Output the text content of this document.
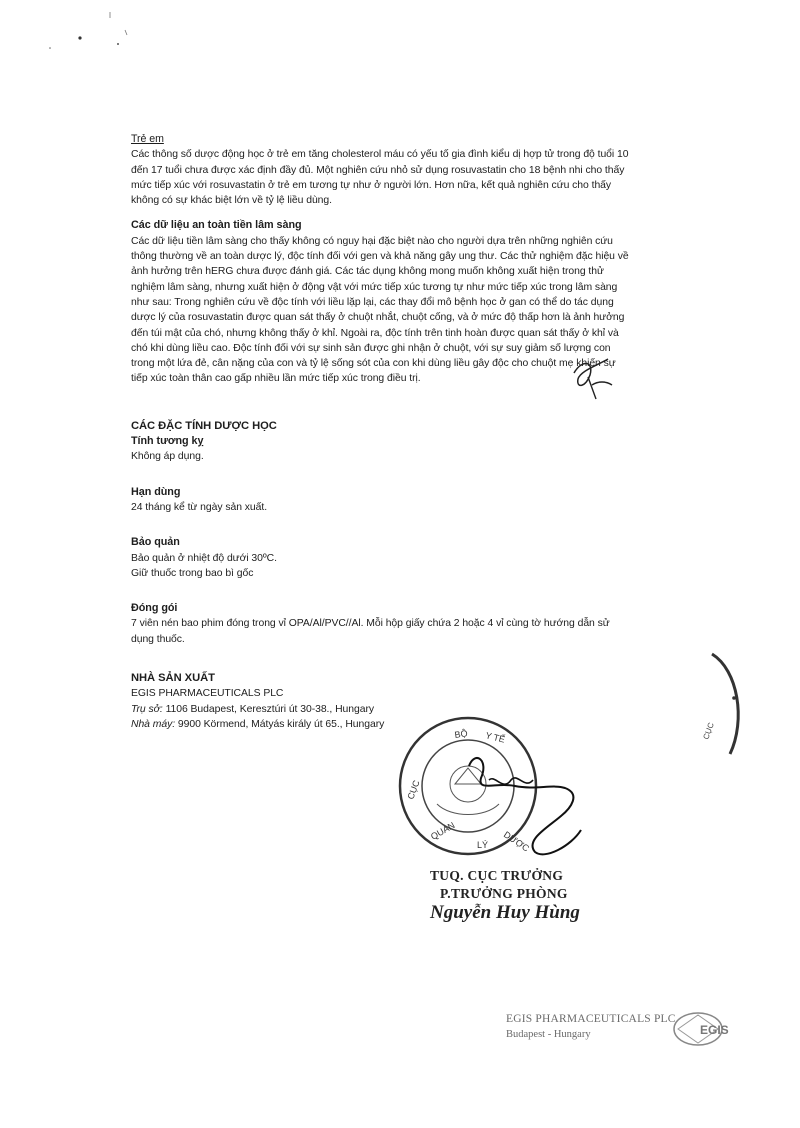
Trẻ em

Các thông số dược động học ở trẻ em tăng cholesterol máu có yếu tố gia đình kiểu dị hợp tử trong độ tuổi 10 đến 17 tuổi chưa được xác định đầy đủ. Một nghiên cứu nhỏ sử dụng rosuvastatin cho 18 bệnh nhi cho thấy mức tiếp xúc với rosuvastatin ở trẻ em tương tự như ở người lớn. Hơn nữa, kết quả nghiên cứu cho thấy không có sự khác biệt lớn về tỷ lệ liều dùng.

Các dữ liệu an toàn tiền lâm sàng

Các dữ liệu tiền lâm sàng cho thấy không có nguy hại đặc biệt nào cho người dựa trên những nghiên cứu thông thường về an toàn dược lý, độc tính đối với gen và khả năng gây ung thư. Các thử nghiệm đặc hiệu về ảnh hưởng trên hERG chưa được đánh giá. Các tác dụng không mong muốn không xuất hiện trong thử nghiệm lâm sàng, nhưng xuất hiện ở động vật với mức tiếp xúc tương tự như mức tiếp xúc trong lâm sàng như sau: Trong nghiên cứu về độc tính với liều lặp lại, các thay đổi mô bệnh học ở gan có thể do tác dụng dược lý của rosuvastatin được quan sát thấy ở chuột nhắt, chuột cống, và ở mức độ thấp hơn là ảnh hưởng đến túi mật của chó, nhưng không thấy ở khỉ. Ngoài ra, độc tính trên tinh hoàn được quan sát thấy ở khỉ và chó khi dùng liều cao. Độc tính đối với sự sinh sản được ghi nhận ở chuột, với sự suy giảm số lượng con trong một lứa đẻ, cân nặng của con và tỷ lệ sống sót của con khi dùng liều gây độc cho chuột mẹ khiến sự tiếp xúc toàn thân cao gấp nhiều lần mức tiếp xúc trong điều trị.

CÁC ĐẶC TÍNH DƯỢC HỌC

Tính tương kỵ

Không áp dụng.

Hạn dùng

24 tháng kể từ ngày sản xuất.

Bảo quản

Bảo quản ở nhiệt độ dưới 30ºC.

Giữ thuốc trong bao bì gốc

Đóng gói

7 viên nén bao phim đóng trong vỉ OPA/Al/PVC//Al. Mỗi hộp giấy chứa 2 hoặc 4 vỉ cùng tờ hướng dẫn sử dụng thuốc.

NHÀ SẢN XUẤT

EGIS PHARMACEUTICALS PLC

Trụ sở: 1106 Budapest, Keresztúri út 30-38., Hungary

Nhà máy: 9900 Körmend, Mátyás király út 65., Hungary

BỘ Y TẾ
CỤC
QUẢN
LÝ DƯỢC
CỤC
TUQ. CỤC TRƯỞNG
P.TRƯỞNG PHÒNG
Nguyễn Huy Hùng
EGIS PHARMACEUTICALS PLC
Budapest - Hungary	EGIS
